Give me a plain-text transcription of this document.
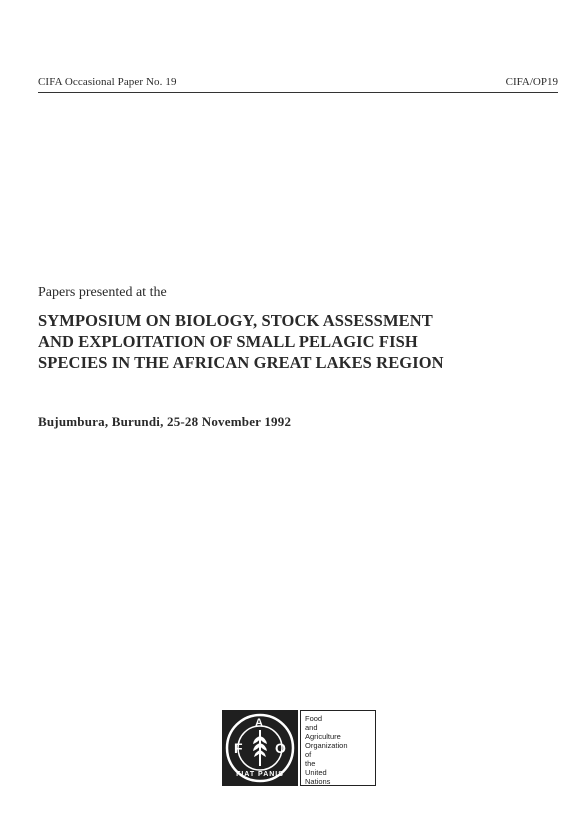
CIFA Occasional Paper No. 19	CIFA/OP19
Papers presented at the
SYMPOSIUM ON BIOLOGY, STOCK ASSESSMENT
AND EXPLOITATION OF SMALL PELAGIC FISH
SPECIES IN THE AFRICAN GREAT LAKES REGION
Bujumbura, Burundi, 25-28 November 1992
F
A
O
FIAT PANIS
Food
and
Agriculture
Organization
of
the
United
Nations
